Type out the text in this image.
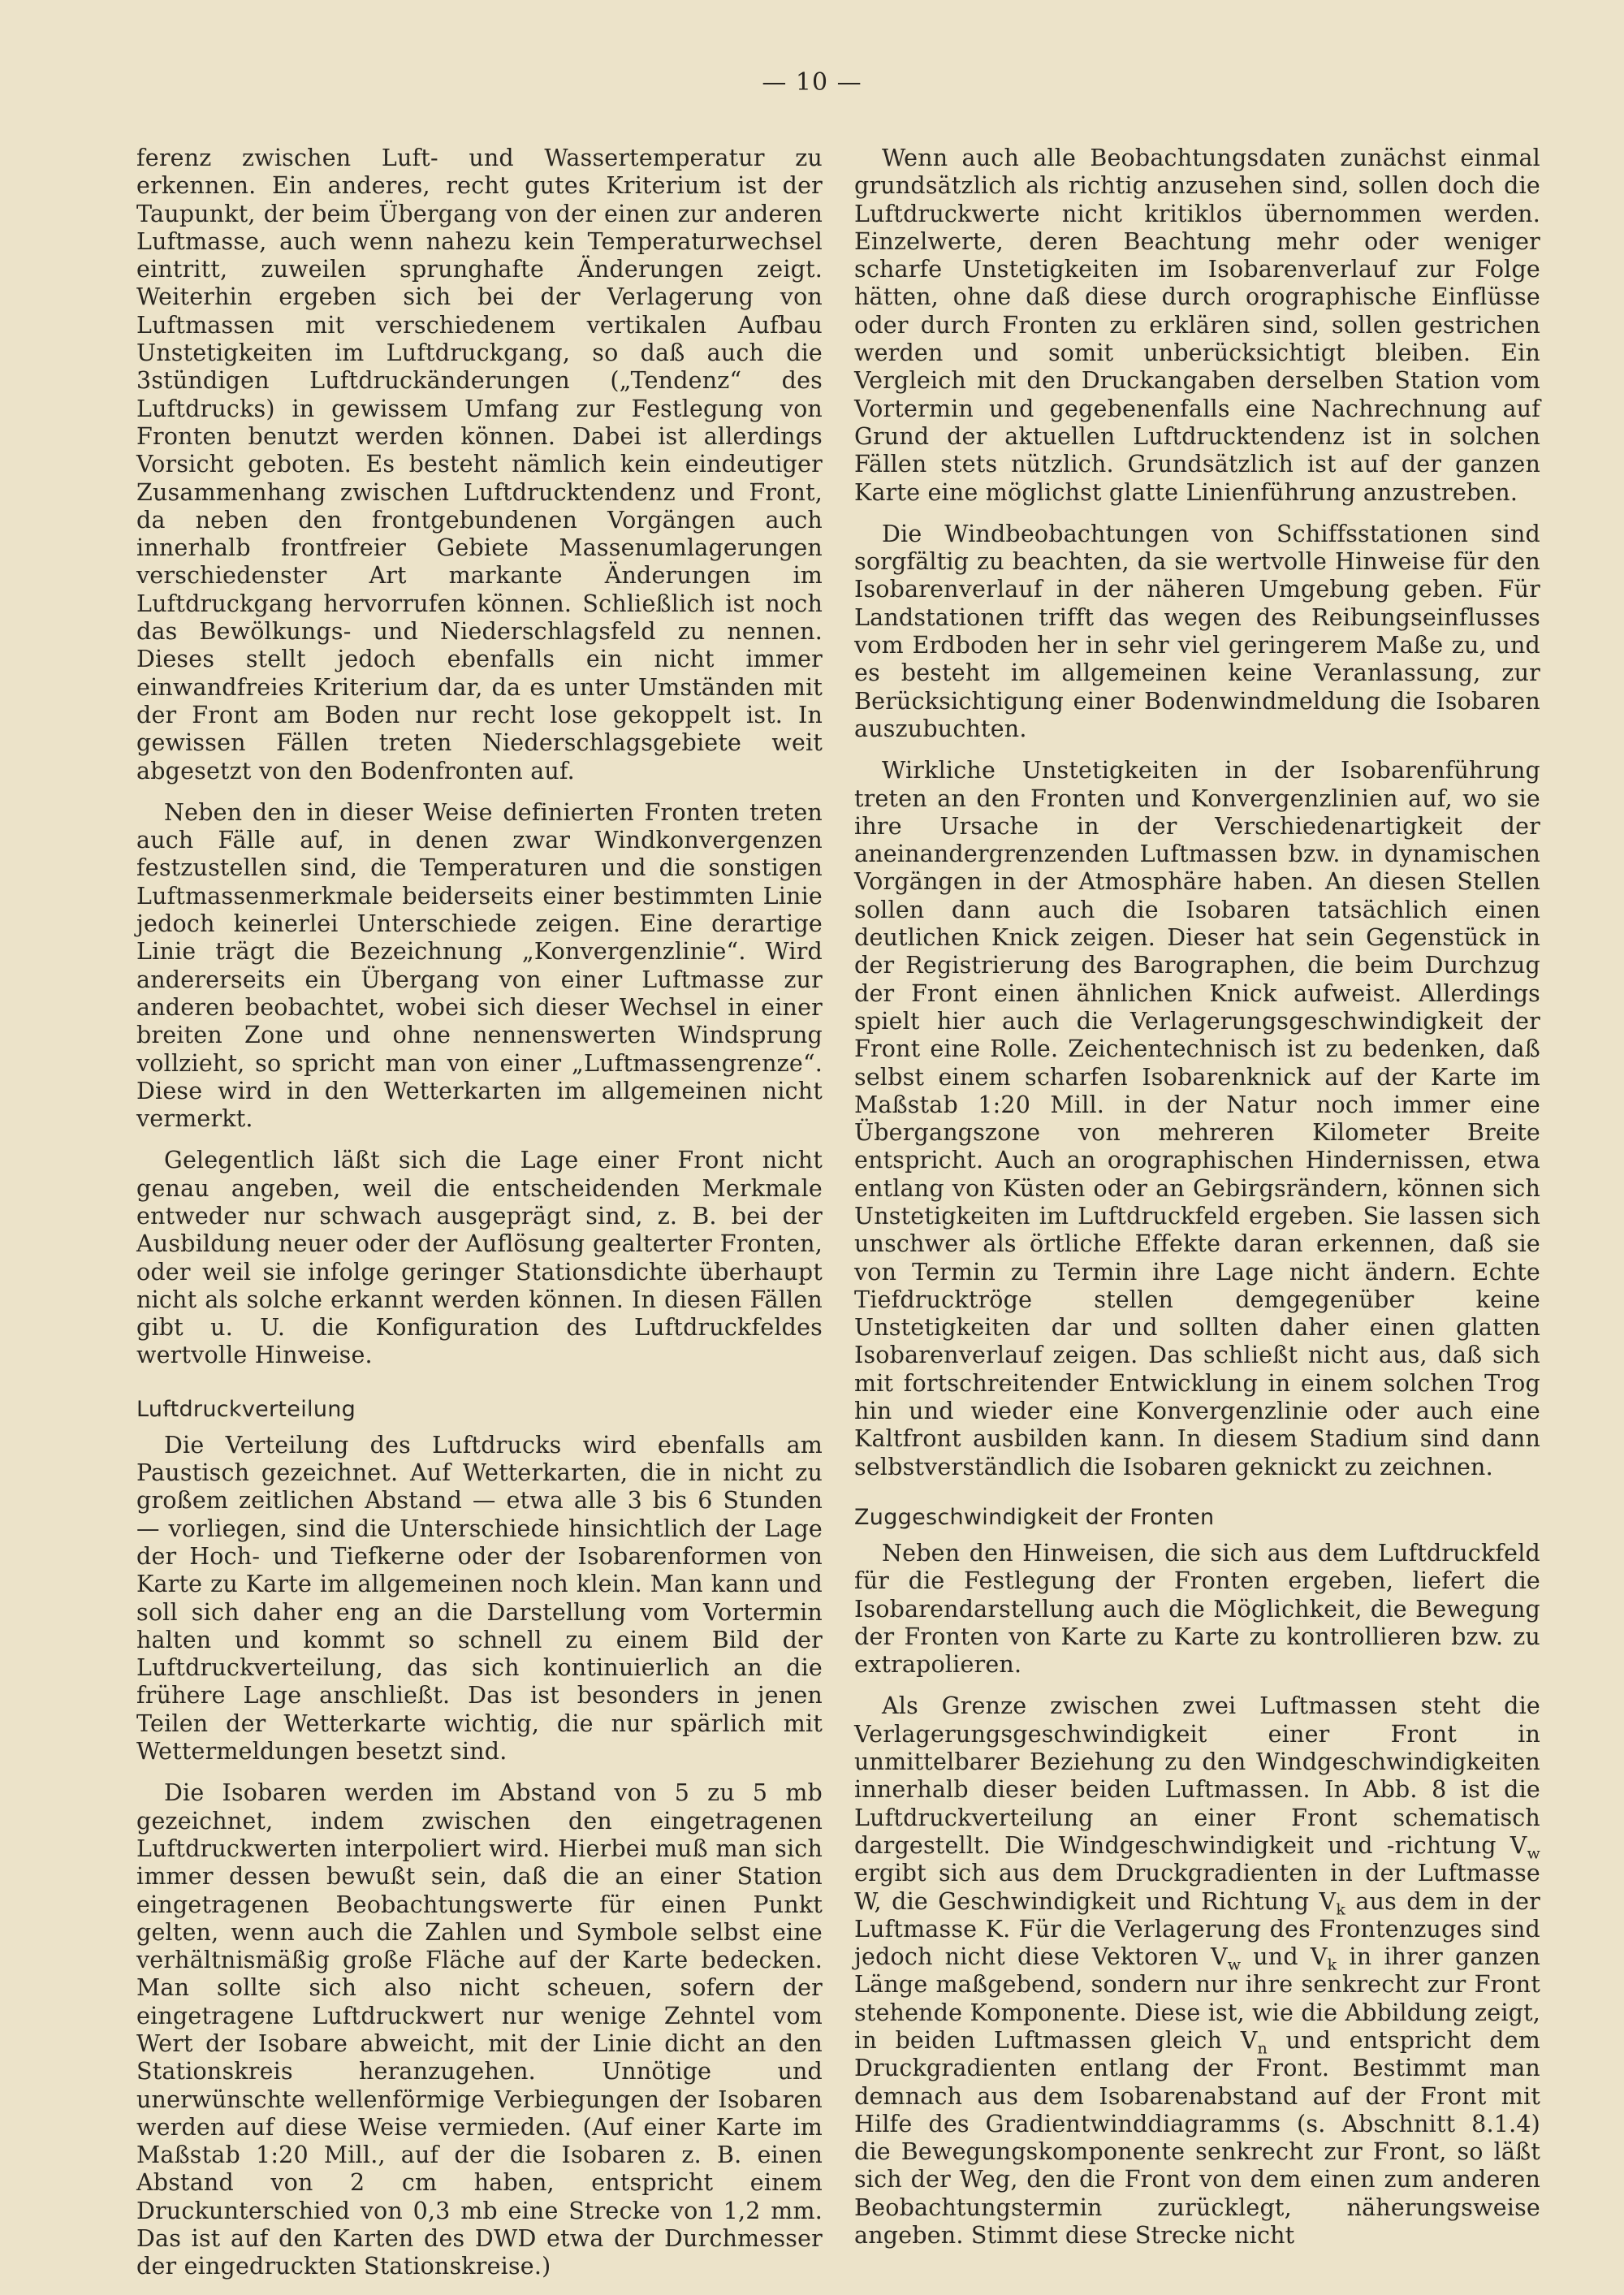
— 10 —

ferenz zwischen Luft- und Wassertemperatur zu erkennen. Ein anderes, recht gutes Kriterium ist der Taupunkt, der beim Übergang von der einen zur anderen Luftmasse, auch wenn nahezu kein Temperaturwechsel eintritt, zuweilen sprunghafte Änderungen zeigt. Weiterhin ergeben sich bei der Verlagerung von Luftmassen mit verschiedenem vertikalen Aufbau Unstetigkeiten im Luftdruckgang, so daß auch die 3stündigen Luftdruckänderungen („Tendenz“ des Luftdrucks) in gewissem Umfang zur Festlegung von Fronten benutzt werden können. Dabei ist allerdings Vorsicht geboten. Es besteht nämlich kein eindeutiger Zusammenhang zwischen Luftdrucktendenz und Front, da neben den frontgebundenen Vorgängen auch innerhalb frontfreier Gebiete Massenumlagerungen verschiedenster Art markante Änderungen im Luftdruckgang hervorrufen können. Schließlich ist noch das Bewölkungs- und Niederschlagsfeld zu nennen. Dieses stellt jedoch ebenfalls ein nicht immer einwandfreies Kriterium dar, da es unter Umständen mit der Front am Boden nur recht lose gekoppelt ist. In gewissen Fällen treten Niederschlagsgebiete weit abgesetzt von den Bodenfronten auf.

Neben den in dieser Weise definierten Fronten treten auch Fälle auf, in denen zwar Windkonvergenzen festzustellen sind, die Temperaturen und die sonstigen Luftmassenmerkmale beiderseits einer bestimmten Linie jedoch keinerlei Unterschiede zeigen. Eine derartige Linie trägt die Bezeichnung „Konvergenzlinie“. Wird andererseits ein Übergang von einer Luftmasse zur anderen beobachtet, wobei sich dieser Wechsel in einer breiten Zone und ohne nennenswerten Windsprung vollzieht, so spricht man von einer „Luftmassengrenze“. Diese wird in den Wetterkarten im allgemeinen nicht vermerkt.

Gelegentlich läßt sich die Lage einer Front nicht genau angeben, weil die entscheidenden Merkmale entweder nur schwach ausgeprägt sind, z. B. bei der Ausbildung neuer oder der Auflösung gealterter Fronten, oder weil sie infolge geringer Stationsdichte überhaupt nicht als solche erkannt werden können. In diesen Fällen gibt u. U. die Konfiguration des Luftdruckfeldes wertvolle Hinweise.

Luftdruckverteilung

Die Verteilung des Luftdrucks wird ebenfalls am Paustisch gezeichnet. Auf Wetterkarten, die in nicht zu großem zeitlichen Abstand — etwa alle 3 bis 6 Stunden — vorliegen, sind die Unterschiede hinsichtlich der Lage der Hoch- und Tiefkerne oder der Isobarenformen von Karte zu Karte im allgemeinen noch klein. Man kann und soll sich daher eng an die Darstellung vom Vortermin halten und kommt so schnell zu einem Bild der Luftdruckverteilung, das sich kontinuierlich an die frühere Lage anschließt. Das ist besonders in jenen Teilen der Wetterkarte wichtig, die nur spärlich mit Wettermeldungen besetzt sind.

Die Isobaren werden im Abstand von 5 zu 5 mb gezeichnet, indem zwischen den eingetragenen Luftdruckwerten interpoliert wird. Hierbei muß man sich immer dessen bewußt sein, daß die an einer Station eingetragenen Beobachtungswerte für einen Punkt gelten, wenn auch die Zahlen und Symbole selbst eine verhältnismäßig große Fläche auf der Karte bedecken. Man sollte sich also nicht scheuen, sofern der eingetragene Luftdruckwert nur wenige Zehntel vom Wert der Isobare abweicht, mit der Linie dicht an den Stationskreis heranzugehen. Unnötige und unerwünschte wellenförmige Verbiegungen der Isobaren werden auf diese Weise vermieden. (Auf einer Karte im Maßstab 1:20 Mill., auf der die Isobaren z. B. einen Abstand von 2 cm haben, entspricht einem Druckunterschied von 0,3 mb eine Strecke von 1,2 mm. Das ist auf den Karten des DWD etwa der Durchmesser der eingedruckten Stationskreise.)

Wenn auch alle Beobachtungsdaten zunächst einmal grundsätzlich als richtig anzusehen sind, sollen doch die Luftdruckwerte nicht kritiklos übernommen werden. Einzelwerte, deren Beachtung mehr oder weniger scharfe Unstetigkeiten im Isobarenverlauf zur Folge hätten, ohne daß diese durch orographische Einflüsse oder durch Fronten zu erklären sind, sollen gestrichen werden und somit unberücksichtigt bleiben. Ein Vergleich mit den Druckangaben derselben Station vom Vortermin und gegebenenfalls eine Nachrechnung auf Grund der aktuellen Luftdrucktendenz ist in solchen Fällen stets nützlich. Grundsätzlich ist auf der ganzen Karte eine möglichst glatte Linienführung anzustreben.

Die Windbeobachtungen von Schiffsstationen sind sorgfältig zu beachten, da sie wertvolle Hinweise für den Isobarenverlauf in der näheren Umgebung geben. Für Landstationen trifft das wegen des Reibungseinflusses vom Erdboden her in sehr viel geringerem Maße zu, und es besteht im allgemeinen keine Veranlassung, zur Berücksichtigung einer Bodenwindmeldung die Isobaren auszubuchten.

Wirkliche Unstetigkeiten in der Isobarenführung treten an den Fronten und Konvergenzlinien auf, wo sie ihre Ursache in der Verschiedenartigkeit der aneinandergrenzenden Luftmassen bzw. in dynamischen Vorgängen in der Atmosphäre haben. An diesen Stellen sollen dann auch die Isobaren tatsächlich einen deutlichen Knick zeigen. Dieser hat sein Gegenstück in der Registrierung des Barographen, die beim Durchzug der Front einen ähnlichen Knick aufweist. Allerdings spielt hier auch die Verlagerungsgeschwindigkeit der Front eine Rolle. Zeichentechnisch ist zu bedenken, daß selbst einem scharfen Isobarenknick auf der Karte im Maßstab 1:20 Mill. in der Natur noch immer eine Übergangszone von mehreren Kilometer Breite entspricht. Auch an orographischen Hindernissen, etwa entlang von Küsten oder an Gebirgsrändern, können sich Unstetigkeiten im Luftdruckfeld ergeben. Sie lassen sich unschwer als örtliche Effekte daran erkennen, daß sie von Termin zu Termin ihre Lage nicht ändern. Echte Tiefdrucktröge stellen demgegenüber keine Unstetigkeiten dar und sollten daher einen glatten Isobarenverlauf zeigen. Das schließt nicht aus, daß sich mit fortschreitender Entwicklung in einem solchen Trog hin und wieder eine Konvergenzlinie oder auch eine Kaltfront ausbilden kann. In diesem Stadium sind dann selbstverständlich die Isobaren geknickt zu zeichnen.

Zuggeschwindigkeit der Fronten

Neben den Hinweisen, die sich aus dem Luftdruckfeld für die Festlegung der Fronten ergeben, liefert die Isobarendarstellung auch die Möglichkeit, die Bewegung der Fronten von Karte zu Karte zu kontrollieren bzw. zu extrapolieren.

Als Grenze zwischen zwei Luftmassen steht die Verlagerungsgeschwindigkeit einer Front in unmittelbarer Beziehung zu den Windgeschwindigkeiten innerhalb dieser beiden Luftmassen. In Abb. 8 ist die Luftdruckverteilung an einer Front schematisch dargestellt. Die Windgeschwindigkeit und -richtung $V_w$ ergibt sich aus dem Druckgradienten in der Luftmasse W, die Geschwindigkeit und Richtung $V_k$ aus dem in der Luftmasse K. Für die Verlagerung des Frontenzuges sind jedoch nicht diese Vektoren $V_w$ und $V_k$ in ihrer ganzen Länge maßgebend, sondern nur ihre senkrecht zur Front stehende Komponente. Diese ist, wie die Abbildung zeigt, in beiden Luftmassen gleich $V_n$ und entspricht dem Druckgradienten entlang der Front. Bestimmt man demnach aus dem Isobarenabstand auf der Front mit Hilfe des Gradientwinddiagramms (s. Abschnitt 8.1.4) die Bewegungskomponente senkrecht zur Front, so läßt sich der Weg, den die Front von dem einen zum anderen Beobachtungstermin zurücklegt, näherungsweise angeben. Stimmt diese Strecke nicht
